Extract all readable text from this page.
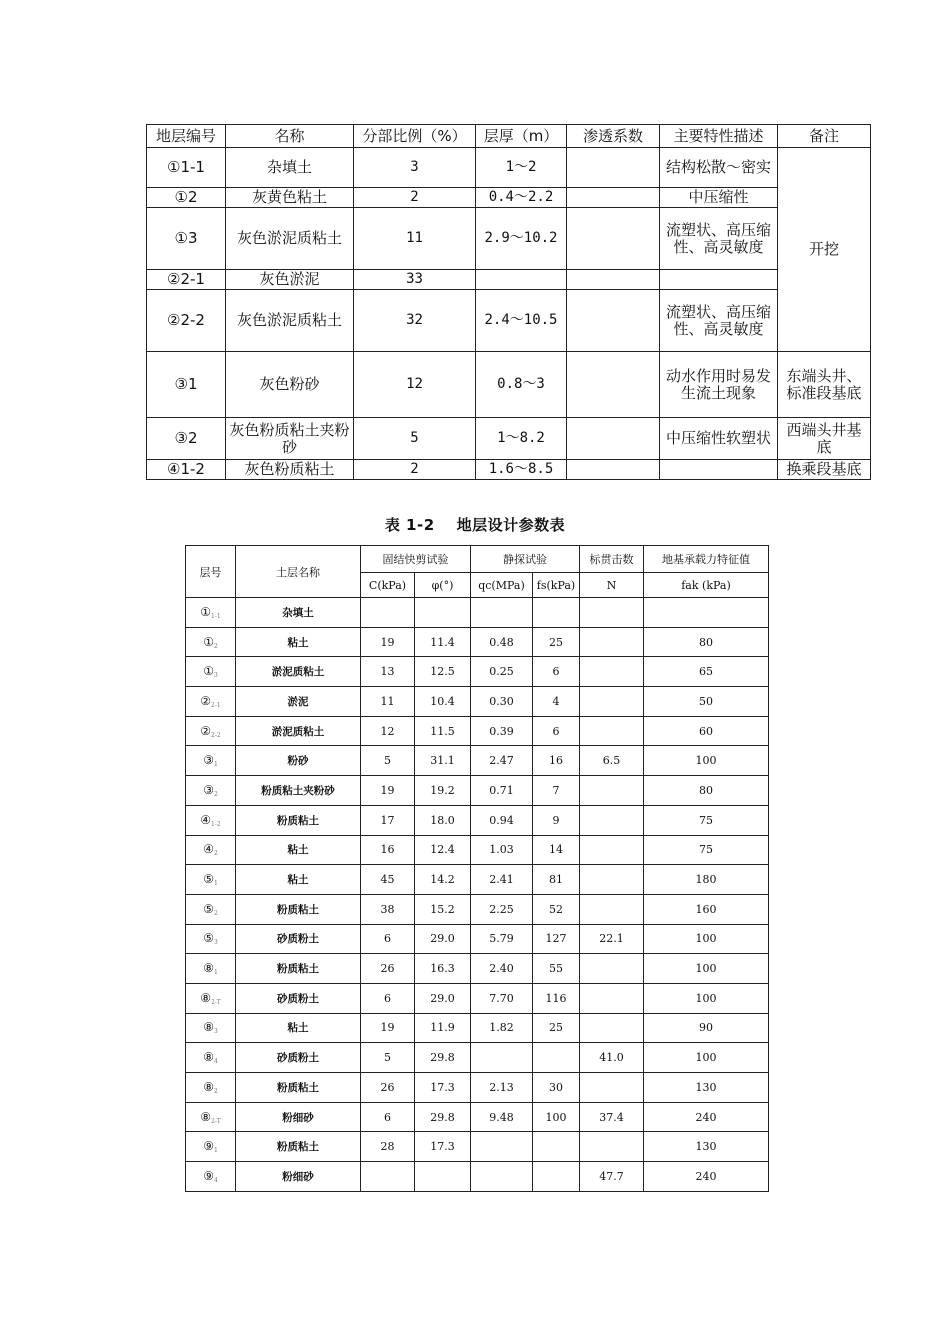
地层编号	名称	分部比例（%）	层厚（m）	渗透系数	主要特性描述	备注
①1-1	杂填土	3	1～2		结构松散～密实	开挖
①2	灰黄色粘土	2	0.4～2.2		中压缩性	
①3	灰色淤泥质粘土	11	2.9～10.2		流塑状、高压缩性、高灵敏度	
②2-1	灰色淤泥	33				
②2-2	灰色淤泥质粘土	32	2.4～10.5		流塑状、高压缩性、高灵敏度	
③1	灰色粉砂	12	0.8～3		动水作用时易发生流土现象	东端头井、标准段基底
③2	灰色粉质粘土夹粉砂	5	1～8.2		中压缩性软塑状	西端头井基底
④1-2	灰色粉质粘土	2	1.6～8.5			换乘段基底
表 1-2 地层设计参数表
层号	土层名称	固结快剪试验		静探试验		标贯击数	地基承载力特征值
		C(kPa)	φ(°)	qc(MPa)	fs(kPa)	N	fak (kPa)
$①_{1-1}$	杂填土						
$①_2$	粘土	19	11.4	0.48	25		80
$①_3$	淤泥质粘土	13	12.5	0.25	6		65
$②_{2-1}$	淤泥	11	10.4	0.30	4		50
$②_{2-2}$	淤泥质粘土	12	11.5	0.39	6		60
$③_1$	粉砂	5	31.1	2.47	16	6.5	100
$③_2$	粉质粘土夹粉砂	19	19.2	0.71	7		80
$④_{1-2}$	粉质粘土	17	18.0	0.94	9		75
$④_2$	粘土	16	12.4	1.03	14		75
$⑤_1$	粘土	45	14.2	2.41	81		180
$⑤_2$	粉质粘土	38	15.2	2.25	52		160
$⑤_3$	砂质粉土	6	29.0	5.79	127	22.1	100
$⑧_1$	粉质粘土	26	16.3	2.40	55		100
$⑧_{2-T}$	砂质粉土	6	29.0	7.70	116		100
$⑧_3$	粘土	19	11.9	1.82	25		90
$⑧_4$	砂质粉土	5	29.8			41.0	100
$⑧_2$	粉质粘土	26	17.3	2.13	30		130
$⑧_{2-T}$	粉细砂	6	29.8	9.48	100	37.4	240
$⑨_1$	粉质粘土	28	17.3				130
$⑨_4$	粉细砂					47.7	240
